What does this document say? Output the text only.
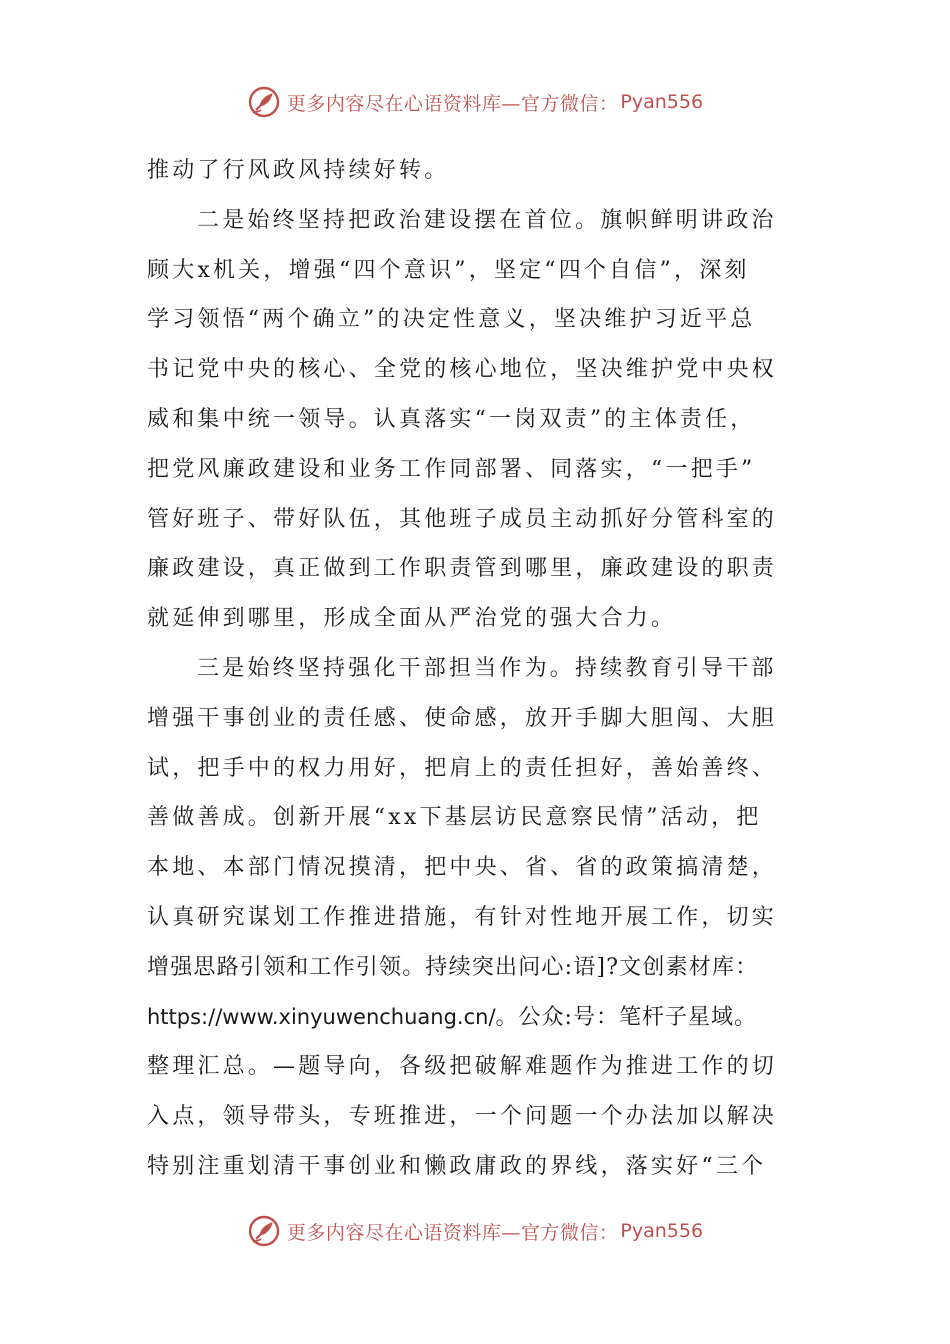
更多内容尽在心语资料库—官方微信： Pyan556
推动了行风政风持续好转。
二是始终坚持把政治建设摆在首位。旗帜鲜明讲政治
顾大x机关，增强“四个意识”，坚定“四个自信”，深刻
学习领悟“两个确立”的决定性意义，坚决维护习近平总
书记党中央的核心、全党的核心地位，坚决维护党中央权
威和集中统一领导。认真落实“一岗双责”的主体责任，
把党风廉政建设和业务工作同部署、同落实，“一把手”
管好班子、带好队伍，其他班子成员主动抓好分管科室的
廉政建设，真正做到工作职责管到哪里，廉政建设的职责
就延伸到哪里，形成全面从严治党的强大合力。
三是始终坚持强化干部担当作为。持续教育引导干部
增强干事创业的责任感、使命感，放开手脚大胆闯、大胆
试，把手中的权力用好，把肩上的责任担好，善始善终、
善做善成。创新开展“xx下基层访民意察民情”活动，把
本地、本部门情况摸清，把中央、省、省的政策搞清楚，
认真研究谋划工作推进措施，有针对性地开展工作，切实
增强思路引领和工作引领。持续突出问心:语]?文创素材库：
https://www.xinyuwenchuang.cn/。公众:号：笔杆子星域。
整理汇总。—题导向，各级把破解难题作为推进工作的切
入点，领导带头，专班推进，一个问题一个办法加以解决
特别注重划清干事创业和懒政庸政的界线，落实好“三个
更多内容尽在心语资料库—官方微信： Pyan556
